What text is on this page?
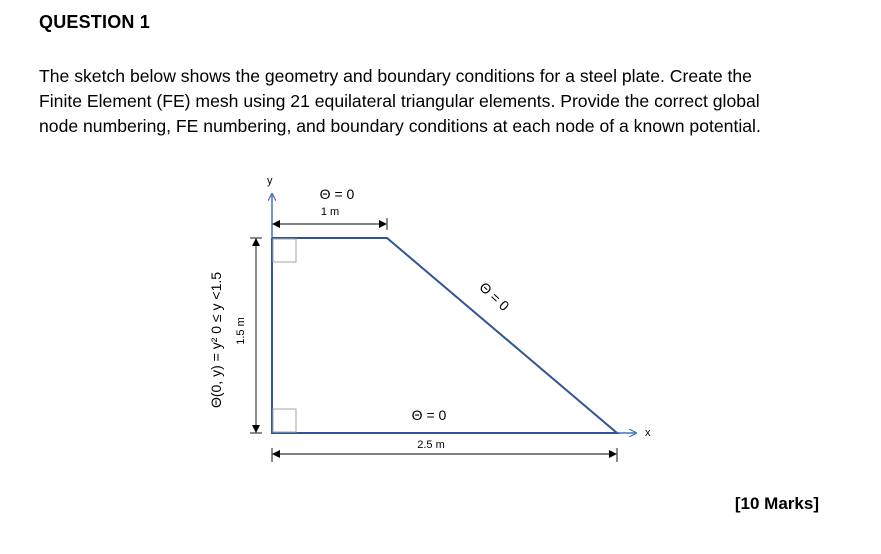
QUESTION 1

The sketch below shows the geometry and boundary conditions for a steel plate. Create the

Finite Element (FE) mesh using 21 equilateral triangular elements. Provide the correct global

node numbering, FE numbering, and boundary conditions at each node of a known potential.

y
x
Θ = 0
1 m
Θ = 0
Θ = 0
2.5 m
1.5 m
Θ(0, y) = y² 0 ≤ y <1.5
[10 Marks]
